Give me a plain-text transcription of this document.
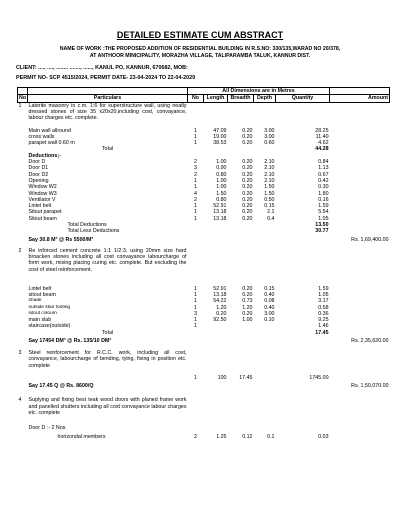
DETAILED ESTIMATE CUM ABSTRACT
NAME OF WORK :THE PROPOSED ADDITION OF RESIDENTIAL BUILDING IN R.S.NO: 330/135,WARAD NO 20/378,
AT ANTHOOR MINICIPALITY, MORAZHA VILLAGE, TALIPARAMBA TALUK, KANNUR DIST.
CLIENT: ...., ...., ........ ......., ......, KANUL PO, KANNUR, 670682, MOB:
PERMIT NO- SCP 4515/2024, PERMIT DATE- 23-04-2024 TO 22-04-2029
		All Dimensions are in Metres					
No	Particulars	No	Length	Breadth	Depth	Quantity	Amount
1	Laterite masonry in c.m. 1:6 for superstructure wall, using neatly dressed stones of size 35 x20x20,including cost, convayance, labour charges etc. complete.						
	Main wall allround	1	47.09	0.20	3.00	28.25	
	cross walls	1	19.00	0.20	3.00	11.40	
	parapet wall 0.60 m	1	38.53	0.20	0.60	4.62	
	Total					44.28	
	Deductions;-						
	Door D	2	1.00	0.20	2.10	0.84	
	Door D1	3	0.90	0.20	2.10	1.13	
	Door D2	2	0.80	0.20	2.10	0.67	
	Opening	1	1.00	0.20	2.10	0.42	
	Window W2	1	1.00	0.20	1.50	0.30	
	Window W3	4	1.50	0.20	1.50	1.80	
	Ventilator V	2	0.80	0.20	0.50	0.16	
	Lintel belt	1	52.91	0.20	0.15	1.59	
	Sitout parapet	1	13.18	0.20	2.1	5.54	
	Sitout beam	1	13.18	0.20	0.4	1.05	
	Total Deductions					13.50	
	Total Less Deductions					30.77	
	Say 30.8 M³ @ Rs 5500/M³						Rs. 1,69,400.00
2	Re inforced cement concrete 1:1 1/2:3, using 20mm size hard broacken stones including all cost convayance labourcharge of form work, mixing placing curing etc. complete. But excluding the cost of steel reinforcement.						
	Lintel belt	1	52.91	0.20	0.15	1.59	
	sitout beam	1	13.18	0.20	0.40	1.05	
	shade	1	54.22	0.73	0.08	3.17	
	outside stair footing	1	1.20	1.20	0.40	0.58	
	sitout coloum	3	0.20	0.20	3.00	0.36	
	main slab	1	92.50	1.00	0.10	9.25	
	staircase(outside)	1				1.46	
	Total					17.45	
	Say 17454 DM³ @ Rs. 135/10 DM³						Rs. 2,35,620.00
3	Steel reinforcement for R.C.C. work, including all cost, convayance, labourcharge of bending, tying, fixing in position etc. complete						
		1	100	17.45		1745.00	
	Say 17.45 Q @ Rs. 8600/Q						Rs. 1,50,070.00
4	Suplying and fixing best teak wood doors with planed frame work and panelled shutters including all cost convayance labour charges etc. complete						
	Door D :- 2 Nos.						
	horizondal members	2	1.25	0.12	0.1	0.03	
